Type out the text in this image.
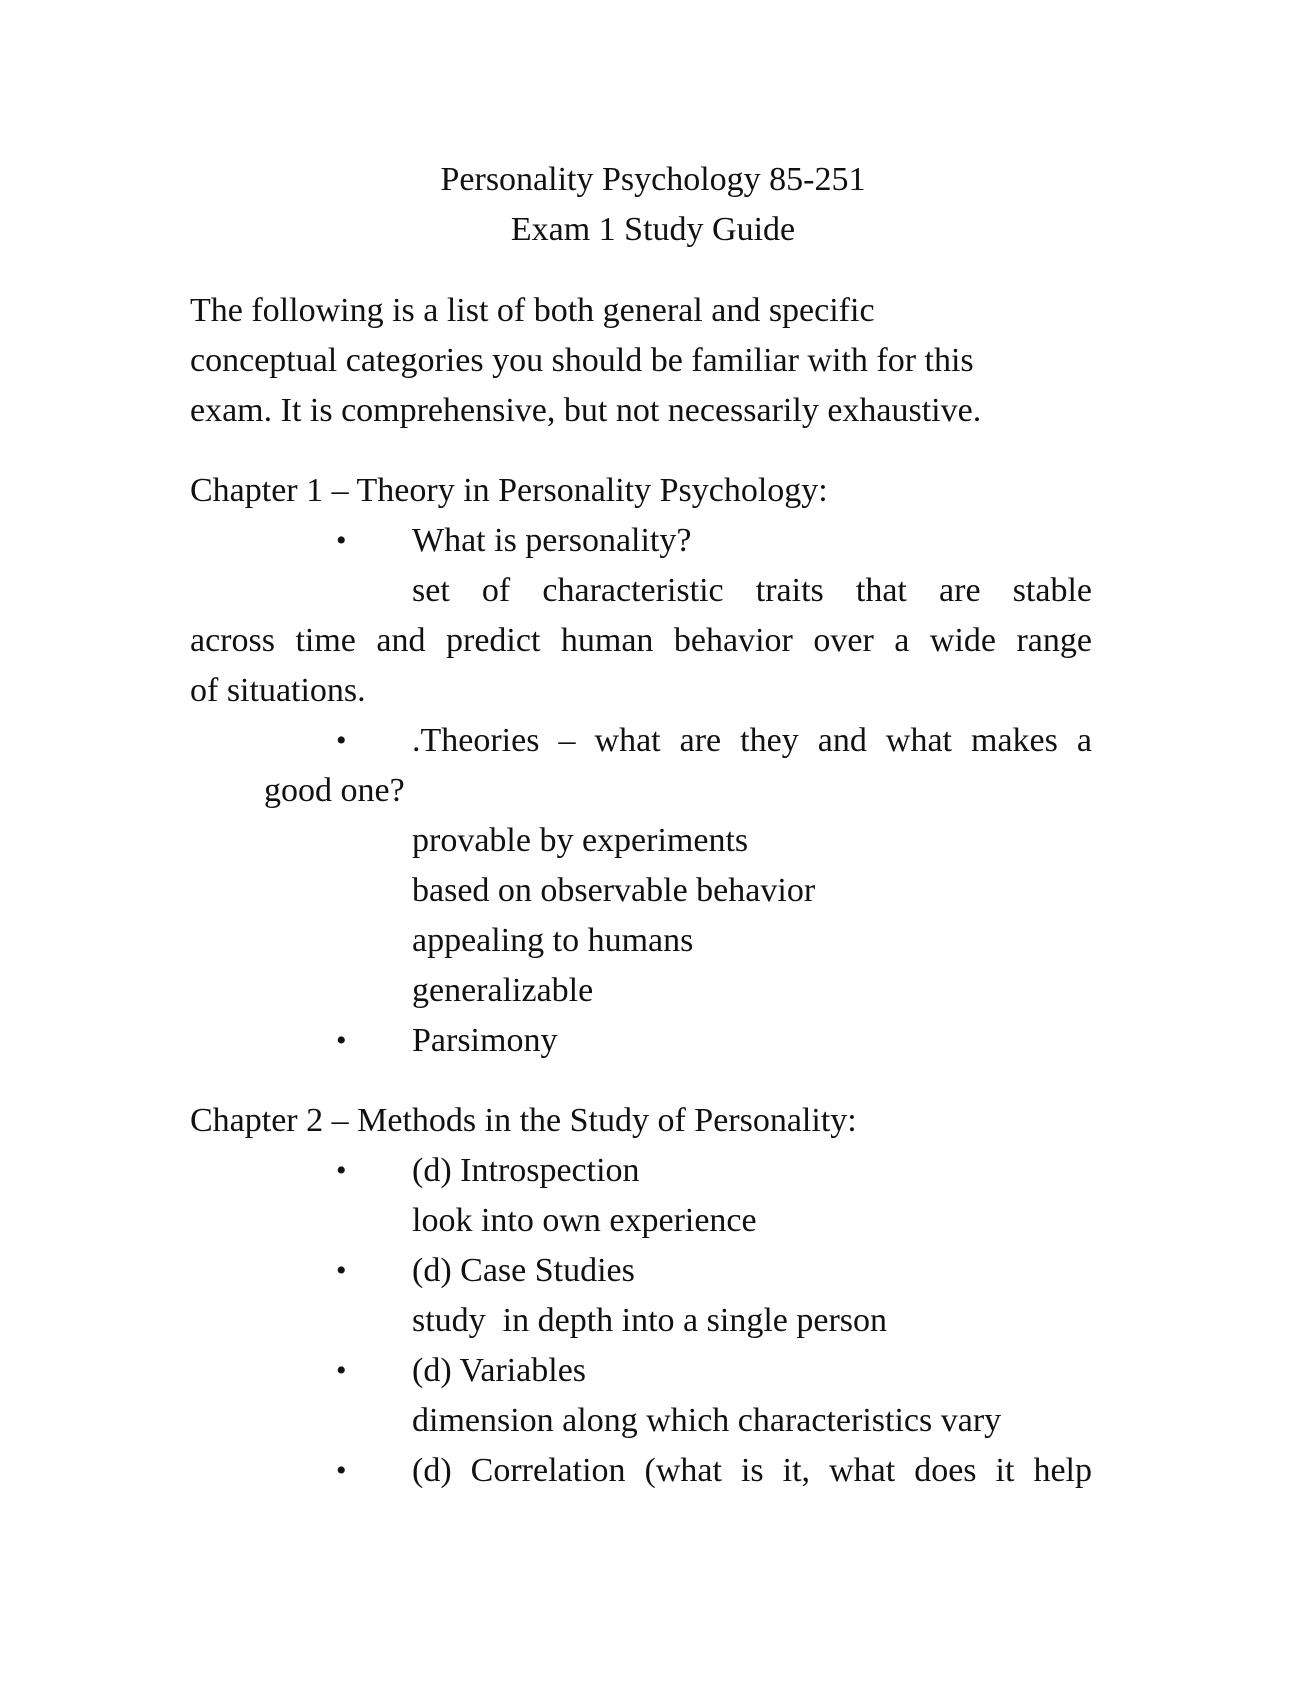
Personality Psychology 85-251
Exam 1 Study Guide
The following is a list of both general and specific
conceptual categories you should be familiar with for this
exam. It is comprehensive, but not necessarily exhaustive.
Chapter 1 – Theory in Personality Psychology:
• What is personality?
set of characteristic traits that are stable
across time and predict human behavior over a wide range
of situations.
• .Theories – what are they and what makes a
good one?
provable by experiments
based on observable behavior
appealing to humans
generalizable
• Parsimony
Chapter 2 – Methods in the Study of Personality:
• (d) Introspection
look into own experience
• (d) Case Studies
study  in depth into a single person
• (d) Variables
dimension along which characteristics vary
• (d) Correlation (what is it, what does it help
